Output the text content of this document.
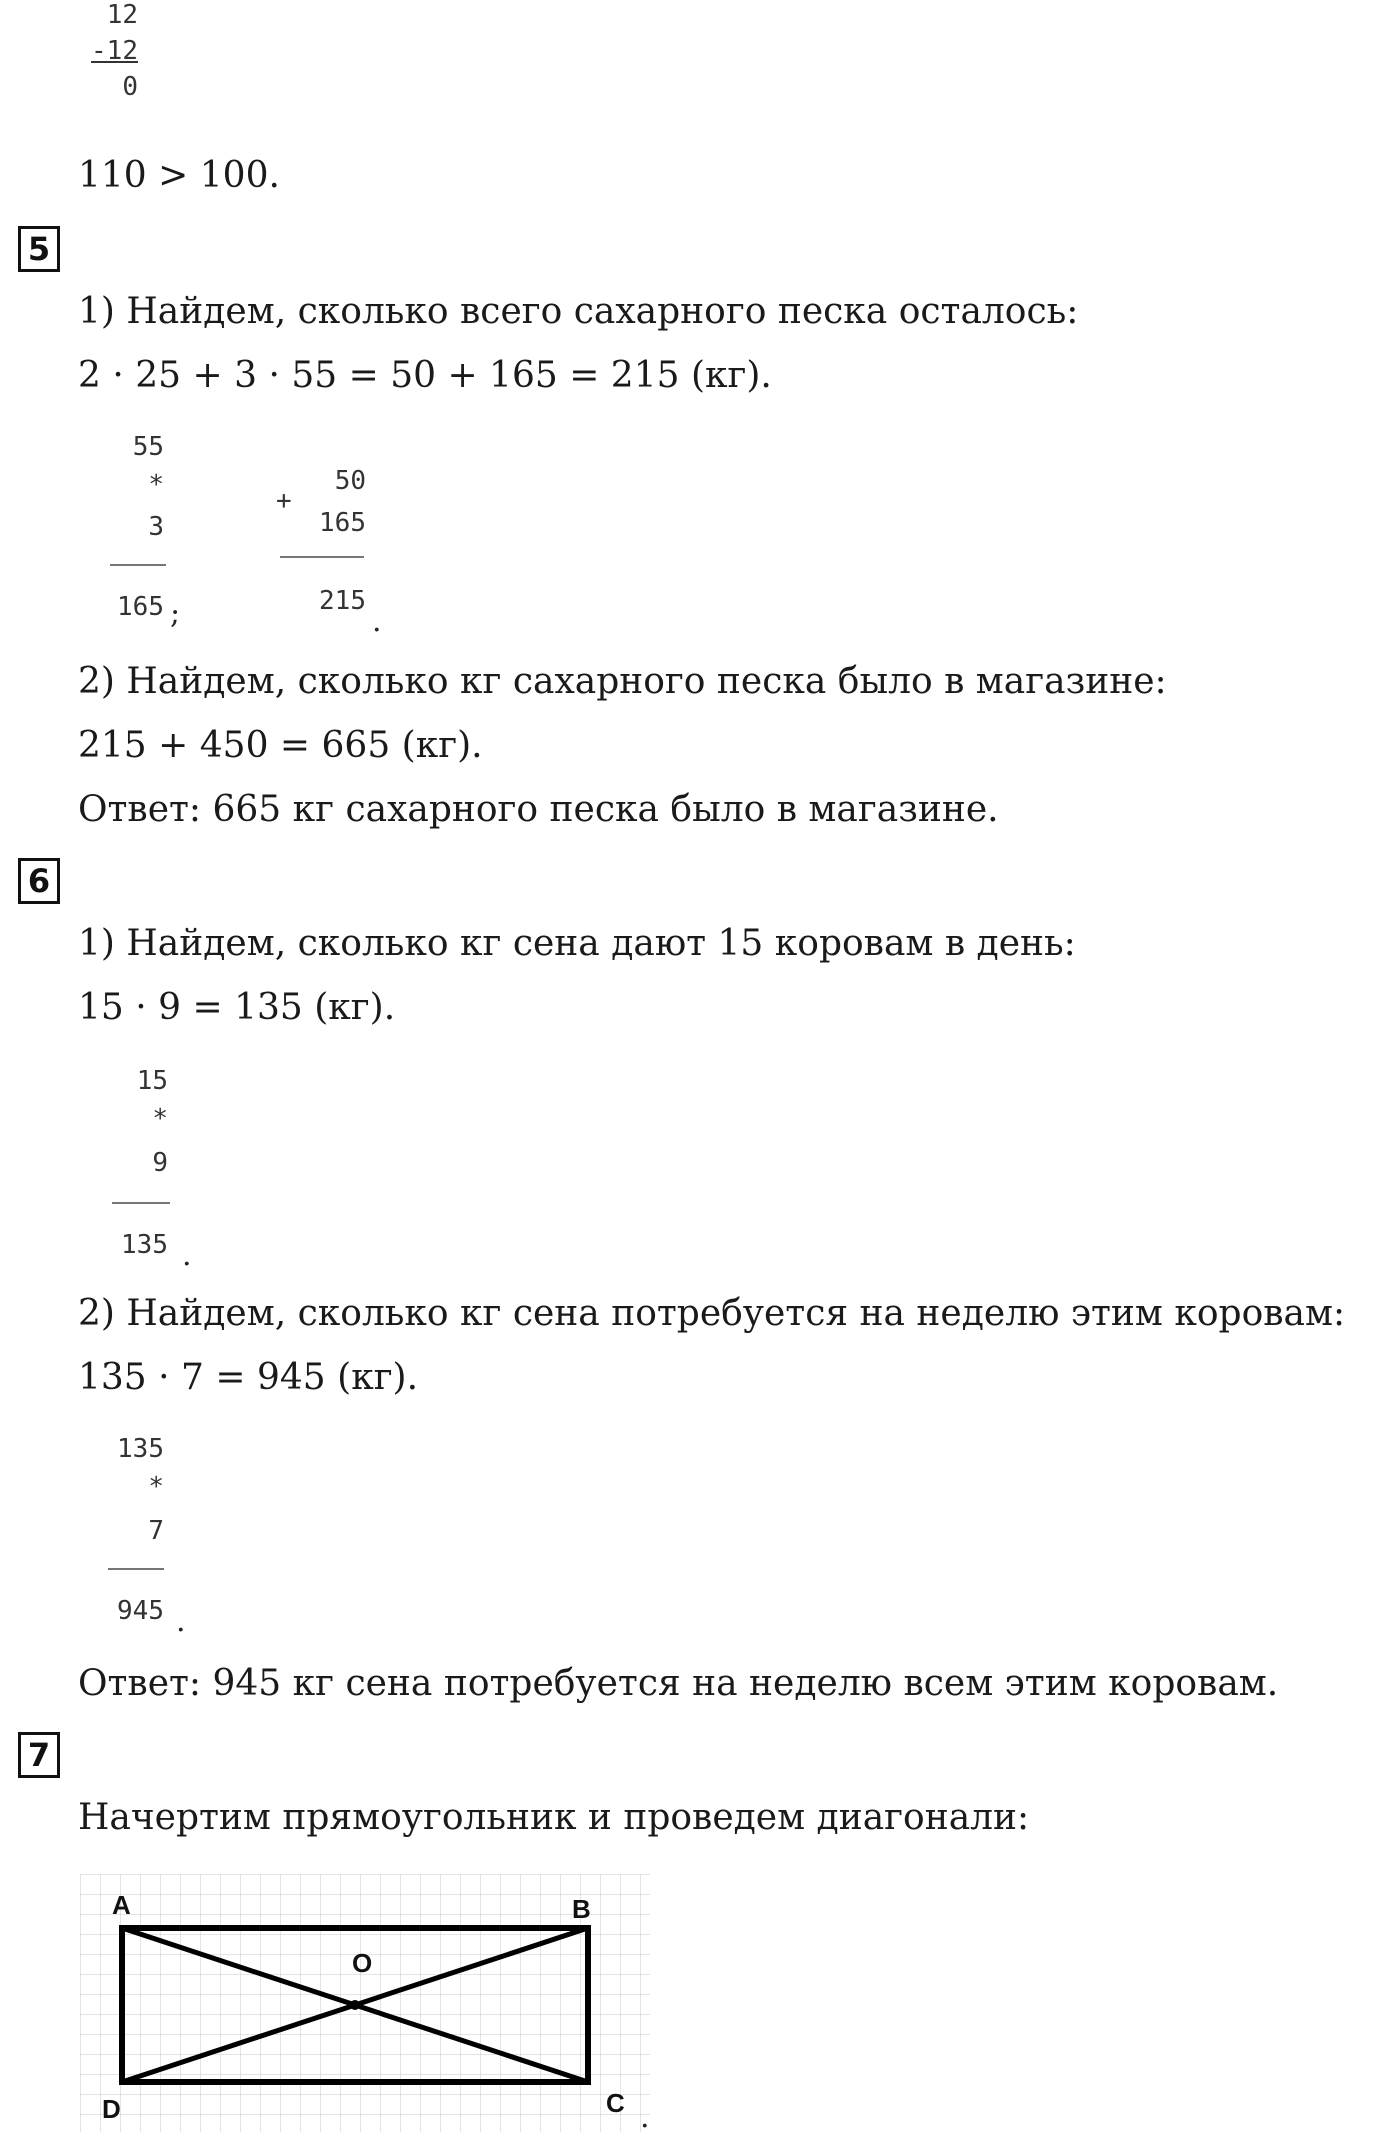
12
-12
0
110 > 100.
5
1) Найдем, сколько всего сахарного песка осталось:
2 · 25 + 3 · 55 = 50 + 165 = 215 (кг).
55
*
3
165 ;
+
50
165
215
.
2) Найдем, сколько кг сахарного песка было в магазине:
215 + 450 = 665 (кг).
Ответ: 665 кг сахарного песка было в магазине.
6
1) Найдем, сколько кг сена дают 15 коровам в день:
15 · 9 = 135 (кг).
15
*
9
135 .
2) Найдем, сколько кг сена потребуется на неделю этим коровам:
135 · 7 = 945 (кг).
135
*
7
945 .
Ответ: 945 кг сена потребуется на неделю всем этим коровам.
7
Начертим прямоугольник и проведем диагонали:
A	B
O
D	C .
